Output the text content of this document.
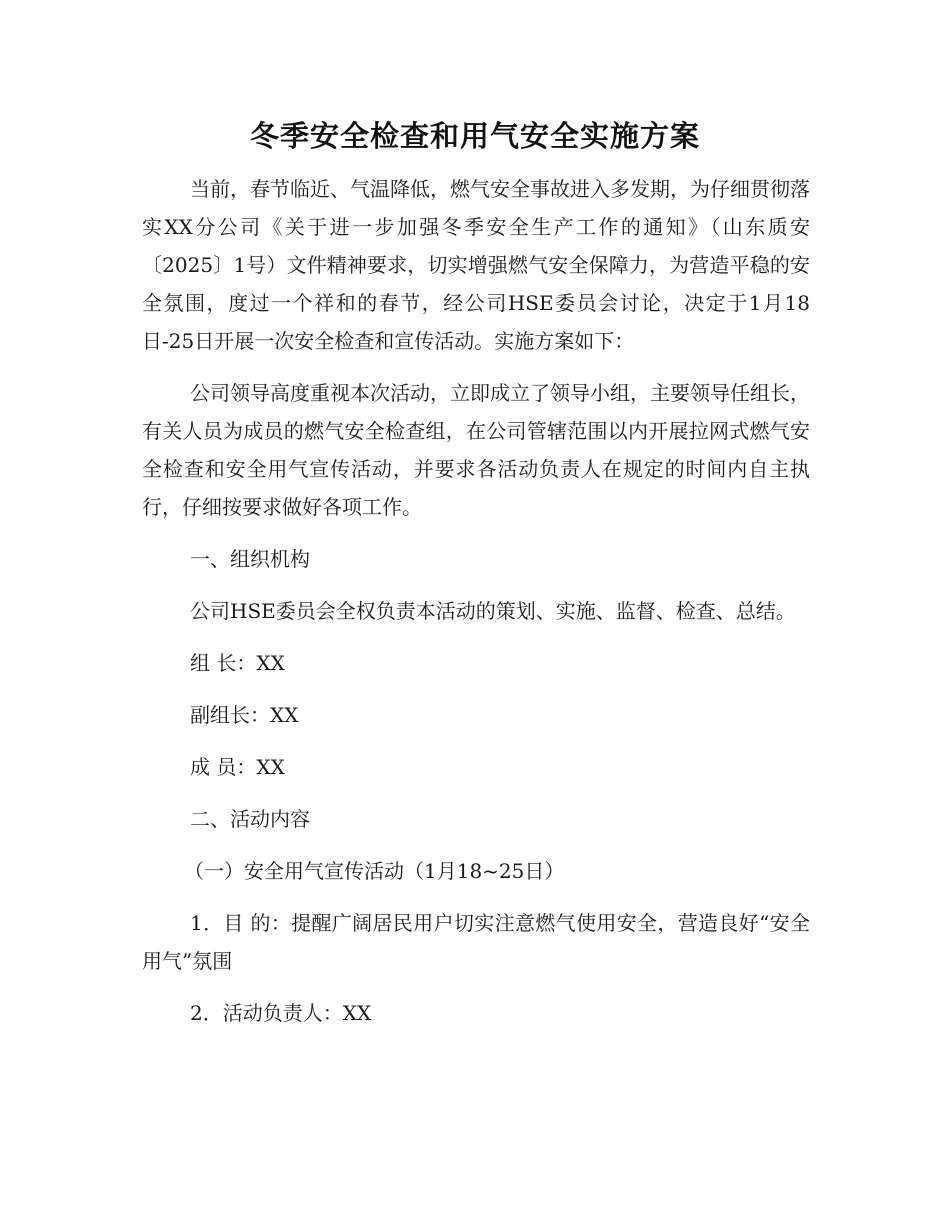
冬季安全检查和用气安全实施方案

当前，春节临近、气温降低，燃气安全事故进入多发期，为仔细贯彻落实XX分公司《关于进一步加强冬季安全生产工作的通知》（山东质安〔2025〕1号）文件精神要求，切实增强燃气安全保障力，为营造平稳的安全氛围，度过一个祥和的春节，经公司HSE委员会讨论，决定于1月18日-25日开展一次安全检查和宣传活动。实施方案如下：

公司领导高度重视本次活动，立即成立了领导小组，主要领导任组长，有关人员为成员的燃气安全检查组，在公司管辖范围以内开展拉网式燃气安全检查和安全用气宣传活动，并要求各活动负责人在规定的时间内自主执行，仔细按要求做好各项工作。

一、组织机构

公司HSE委员会全权负责本活动的策划、实施、监督、检查、总结。

组 长：XX

副组长：XX

成 员：XX

二、活动内容

（一）安全用气宣传活动（1月18~25日）

1．目 的：提醒广阔居民用户切实注意燃气使用安全，营造良好“安全用气”氛围

2．活动负责人：XX
